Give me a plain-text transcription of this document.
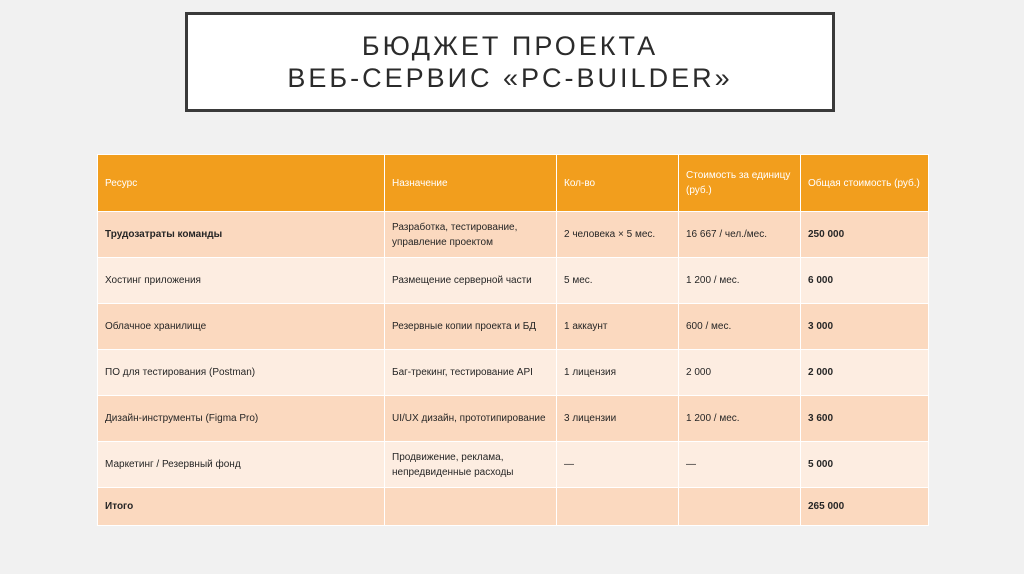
БЮДЖЕТ ПРОЕКТА
ВЕБ-СЕРВИС «PC-BUILDER»
Ресурс	Назначение	Кол-во	Стоимость за единицу (руб.)	Общая стоимость (руб.)
Трудозатраты команды	Разработка, тестирование, управление проектом	2 человека × 5 мес.	16 667 / чел./мес.	250 000
Хостинг приложения	Размещение серверной части	5 мес.	1 200 / мес.	6 000
Облачное хранилище	Резервные копии проекта и БД	1 аккаунт	600 / мес.	3 000
ПО для тестирования (Postman)	Баг-трекинг, тестирование API	1 лицензия	2 000	2 000
Дизайн-инструменты (Figma Pro)	UI/UX дизайн, прототипирование	3 лицензии	1 200 / мес.	3 600
Маркетинг / Резервный фонд	Продвижение, реклама, непредвиденные расходы	—	—	5 000
Итого				265 000
